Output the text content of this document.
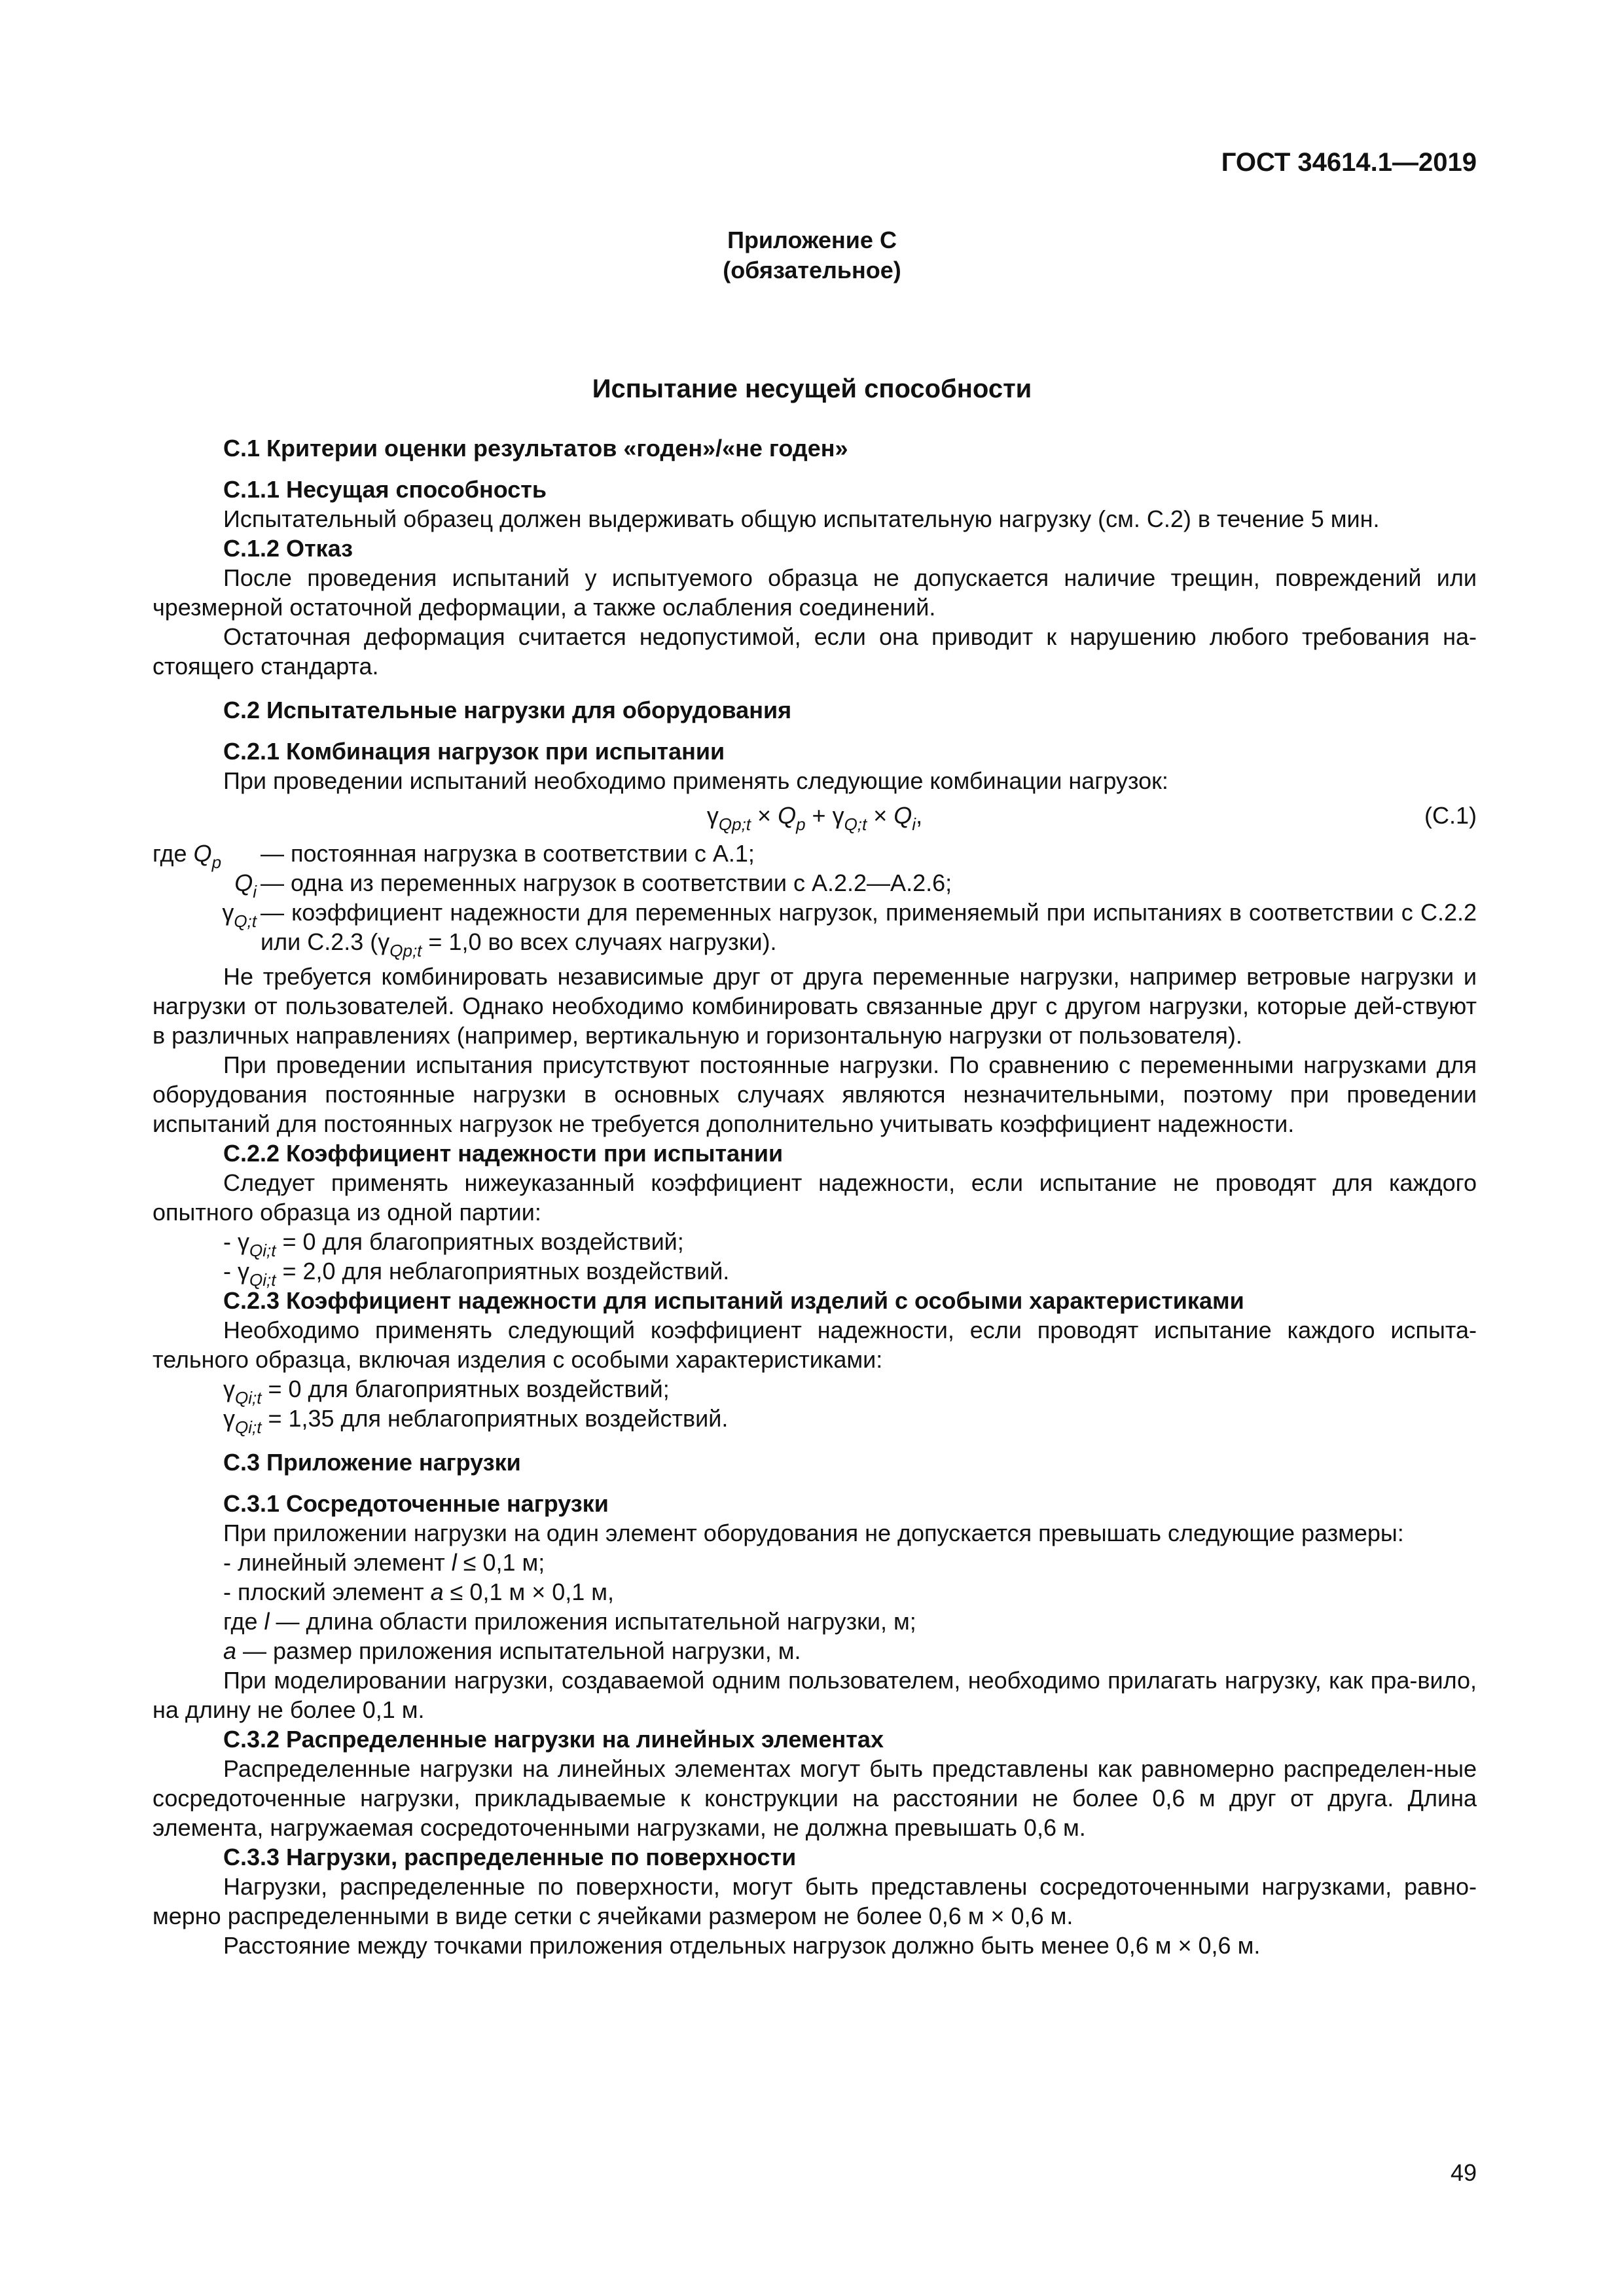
ГОСТ 34614.1—2019
Приложение С
(обязательное)
Испытание несущей способности

С.1 Критерии оценки результатов «годен»/«не годен»

С.1.1 Несущая способность

Испытательный образец должен выдерживать общую испытательную нагрузку (см. С.2) в течение 5 мин.

С.1.2 Отказ

После проведения испытаний у испытуемого образца не допускается наличие трещин, повреждений или чрезмерной остаточной деформации, а также ослабления соединений.

Остаточная деформация считается недопустимой, если она приводит к нарушению любого требования на-стоящего стандарта.

С.2 Испытательные нагрузки для оборудования

С.2.1 Комбинация нагрузок при испытании

При проведении испытаний необходимо применять следующие комбинации нагрузок:

$\gamma_{Qp;t} \times Q_p + \gamma_{Q;t} \times Q_i$,	(С.1)
где $Q_p$	— постоянная нагрузка в соответствии с А.1;
$Q_i$ — одна из переменных нагрузок в соответствии с А.2.2—А.2.6;
$\gamma_{Q;t}$ — коэффициент надежности для переменных нагрузок, применяемый при испытаниях в соответствии с С.2.2 или С.2.3 ($\gamma_{Qp;t} = 1,0$ во всех случаях нагрузки).

Не требуется комбинировать независимые друг от друга переменные нагрузки, например ветровые нагрузки и нагрузки от пользователей. Однако необходимо комбинировать связанные друг с другом нагрузки, которые дей-ствуют в различных направлениях (например, вертикальную и горизонтальную нагрузки от пользователя).

При проведении испытания присутствуют постоянные нагрузки. По сравнению с переменными нагрузками для оборудования постоянные нагрузки в основных случаях являются незначительными, поэтому при проведении испытаний для постоянных нагрузок не требуется дополнительно учитывать коэффициент надежности.

С.2.2 Коэффициент надежности при испытании

Следует применять нижеуказанный коэффициент надежности, если испытание не проводят для каждого опытного образца из одной партии:

- $\gamma_{Qi;t} = 0$ для благоприятных воздействий;

- $\gamma_{Qi;t} = 2,0$ для неблагоприятных воздействий.

С.2.3 Коэффициент надежности для испытаний изделий с особыми характеристиками

Необходимо применять следующий коэффициент надежности, если проводят испытание каждого испыта-тельного образца, включая изделия с особыми характеристиками:

$\gamma_{Qi;t} = 0$ для благоприятных воздействий;

$\gamma_{Qi;t} = 1,35$ для неблагоприятных воздействий.

С.3 Приложение нагрузки

С.3.1 Сосредоточенные нагрузки

При приложении нагрузки на один элемент оборудования не допускается превышать следующие размеры:

- линейный элемент l ≤ 0,1 м;

- плоский элемент a ≤ 0,1 м × 0,1 м,

где l — длина области приложения испытательной нагрузки, м;

a — размер приложения испытательной нагрузки, м.

При моделировании нагрузки, создаваемой одним пользователем, необходимо прилагать нагрузку, как пра-вило, на длину не более 0,1 м.

С.3.2 Распределенные нагрузки на линейных элементах

Распределенные нагрузки на линейных элементах могут быть представлены как равномерно распределен-ные сосредоточенные нагрузки, прикладываемые к конструкции на расстоянии не более 0,6 м друг от друга. Длина элемента, нагружаемая сосредоточенными нагрузками, не должна превышать 0,6 м.

С.3.3 Нагрузки, распределенные по поверхности

Нагрузки, распределенные по поверхности, могут быть представлены сосредоточенными нагрузками, равно-мерно распределенными в виде сетки с ячейками размером не более 0,6 м × 0,6 м.

Расстояние между точками приложения отдельных нагрузок должно быть менее 0,6 м × 0,6 м.

49
